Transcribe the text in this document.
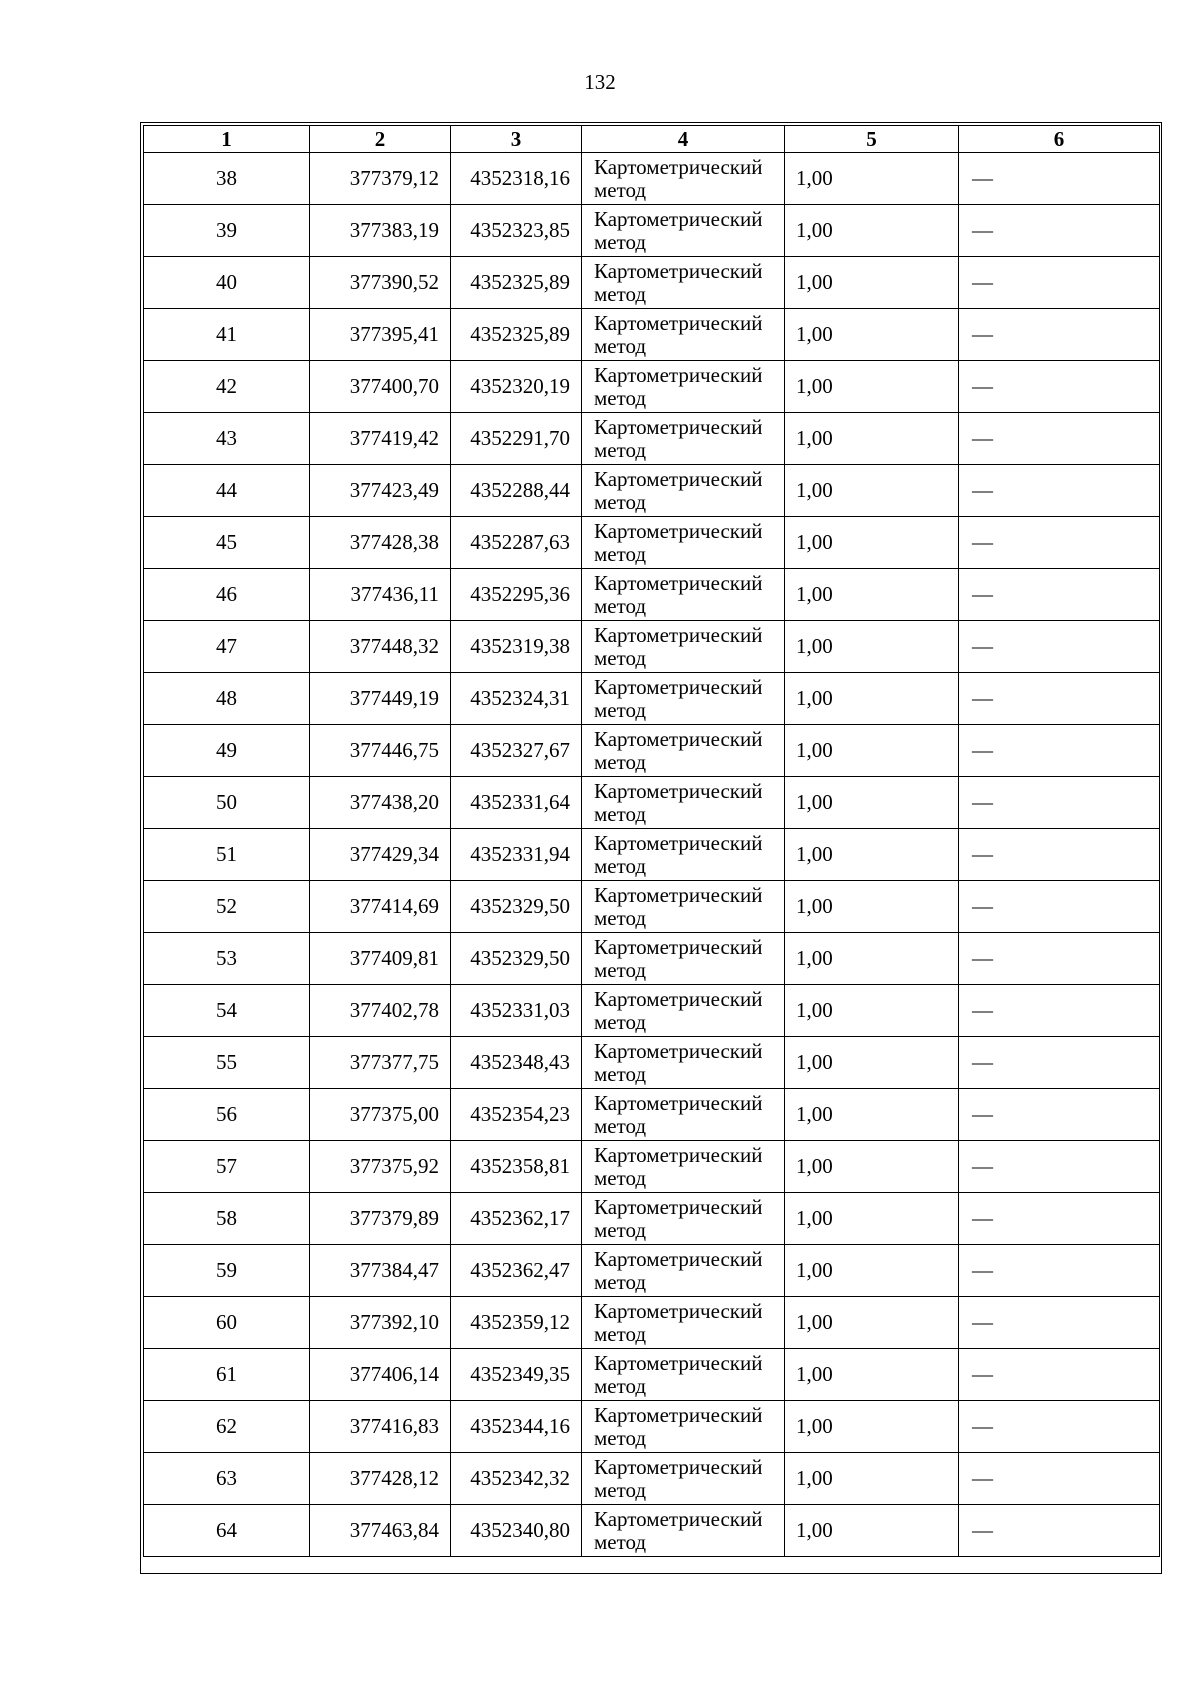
132
1	2	3	4	5	6
38	377379,12	4352318,16	Картометрический метод	1,00	—
39	377383,19	4352323,85	Картометрический метод	1,00	—
40	377390,52	4352325,89	Картометрический метод	1,00	—
41	377395,41	4352325,89	Картометрический метод	1,00	—
42	377400,70	4352320,19	Картометрический метод	1,00	—
43	377419,42	4352291,70	Картометрический метод	1,00	—
44	377423,49	4352288,44	Картометрический метод	1,00	—
45	377428,38	4352287,63	Картометрический метод	1,00	—
46	377436,11	4352295,36	Картометрический метод	1,00	—
47	377448,32	4352319,38	Картометрический метод	1,00	—
48	377449,19	4352324,31	Картометрический метод	1,00	—
49	377446,75	4352327,67	Картометрический метод	1,00	—
50	377438,20	4352331,64	Картометрический метод	1,00	—
51	377429,34	4352331,94	Картометрический метод	1,00	—
52	377414,69	4352329,50	Картометрический метод	1,00	—
53	377409,81	4352329,50	Картометрический метод	1,00	—
54	377402,78	4352331,03	Картометрический метод	1,00	—
55	377377,75	4352348,43	Картометрический метод	1,00	—
56	377375,00	4352354,23	Картометрический метод	1,00	—
57	377375,92	4352358,81	Картометрический метод	1,00	—
58	377379,89	4352362,17	Картометрический метод	1,00	—
59	377384,47	4352362,47	Картометрический метод	1,00	—
60	377392,10	4352359,12	Картометрический метод	1,00	—
61	377406,14	4352349,35	Картометрический метод	1,00	—
62	377416,83	4352344,16	Картометрический метод	1,00	—
63	377428,12	4352342,32	Картометрический метод	1,00	—
64	377463,84	4352340,80	Картометрический метод	1,00	—
